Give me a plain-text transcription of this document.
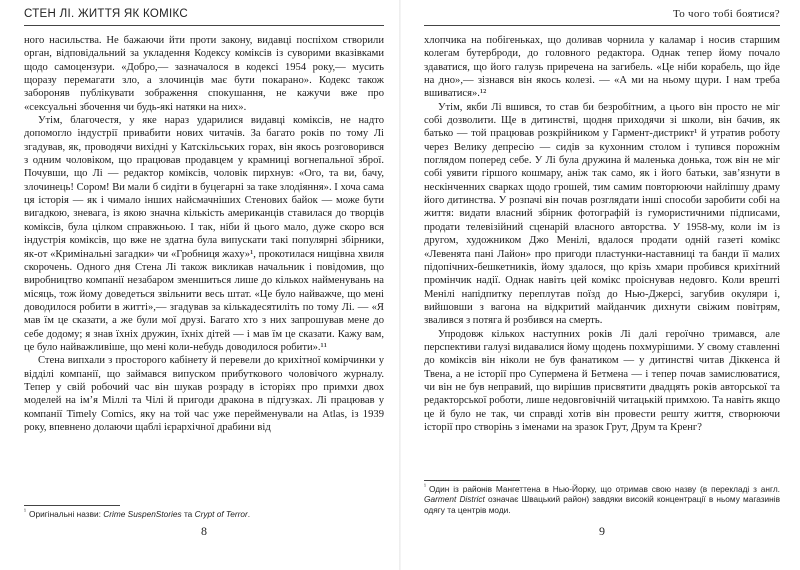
СТЕН ЛІ. ЖИТТЯ ЯК КОМІКС

ного насильства. Не бажаючи йти проти закону, видавці поспіхом створили орган, відповідальний за укладення Кодексу коміксів із суворими вказівками щодо самоцензури. «Добро,— зазначалося в кодексі 1954 року,— мусить щоразу перемагати зло, а злочинців має бути покарано». Кодекс також забороняв публікувати зображення спокушання, не кажучи вже про «сексуальні збочення чи будь-які натяки на них».

Утім, благочестя, у яке нараз ударилися видавці коміксів, не надто допомогло індустрії привабити нових читачів. За багато років по тому Лі згадував, як, проводячи вихідні у Катскільських горах, він якось розговорився з одним чоловіком, що працював продавцем у крамниці вогнепальної зброї. Почувши, що Лі — редактор коміксів, чоловік пирхнув: «Ого, та ви, бачу, злочинець! Сором! Ви мали б сидіти в буцегарні за таке злодіяння». І хоча сама ця історія — як і чимало інших найсмачніших Стенових байок — може бути вигадкою, зневага, із якою значна кількість американців ставилася до творців коміксів, була цілком справжньою. І так, ніби й цього мало, дуже скоро вся індустрія коміксів, що вже не здатна була випускати такі популярні збірники, як-от «Кримінальні загадки» чи «Гробниця жаху»¹, прокотилася нищівна хвиля скорочень. Одного дня Стена Лі також викликав начальник і повідомив, що виробництво компанії незабаром зменшиться лише до кількох найменувань на місяць, тож йому доведеться звільнити весь штат. «Це було найважче, що мені доводилося робити в житті»,— згадував за кількадесятиліть по тому Лі. — «Я мав їм це сказати, а же були мої друзі. Багато хто з них запрошував мене до себе додому; я знав їхніх дружин, їхніх дітей — і мав їм це сказати. Кажу вам, це було найважливіше, що мені коли-небудь доводилося робити».¹¹

Стена випхали з просторого кабінету й перевели до крихітної комірчинки у відділі компанії, що займався випуском прибуткового чоловічого журналу. Тепер у свій робочий час він шукав розраду в історіях про примхи двох моделей на ім’я Міллі та Чілі й пригоди дракона в підгузках. Лі працював у компанії Timely Comics, яку на той час уже перейменували на Atlas, із 1939 року, впевнено долаючи щаблі ієрархічної драбини від

$^{^1}$ Оригінальні назви: Crime SuspenStories та Crypt of Terror.
8
То чого тобі боятися?

хлопчика на побігеньках, що доливав чорнила у каламар і носив старшим колегам бутерброди, до головного редактора. Однак тепер йому почало здаватися, що його галузь приречена на загибель. «Це ніби корабель, що йде на дно»,— зізнався він якось колезі. — «А ми на ньому щури. І нам треба вшиватися».¹²

Утім, якби Лі вшився, то став би безробітним, а цього він просто не міг собі дозволити. Ще в дитинстві, щодня приходячи зі школи, він бачив, як батько — той працював розкрійником у Гармент-дистрикт¹ й утратив роботу через Велику депресію — сидів за кухонним столом і тупився порожнім поглядом поперед себе. У Лі була дружина й маленька донька, тож він не міг собі уявити гіршого кошмару, аніж так само, як і його батьки, зав’язнути в нескінченних сварках щодо грошей, тим самим повторюючи найліпшу драму його дитинства. У розпачі він почав розглядати інші способи заробити собі на життя: видати власний збірник фотографій із гумористичними підписами, продати телевізійний сценарій власного авторства. У 1958-му, коли ім із другом, художником Джо Менілі, вдалося продати одній газеті комікс «Левенята пані Лайон» про пригоди пластунки-наставниці та банди її малих підопічних-бешкетників, йому здалося, що крізь хмари пробився крихітний промінчик надії. Однак навіть цей комікс проіснував недовго. Коли врешті Менілі напідпитку переплутав поїзд до Нью-Джерсі, загубив окуляри і, вийшовши з вагона на відкритий майданчик дихнути свіжим повітрям, звалився з потяга й розбився на смерть.

Упродовж кількох наступних років Лі далі героїчно тримався, але перспективи галузі видавалися йому щодень похмурішими. У свому ставленні до коміксів він ніколи не був фанатиком — у дитинстві читав Діккенса й Твена, а не історії про Супермена й Бетмена — і тепер почав замислюватися, чи він не був неправий, що вирішив присвятити двадцять років авторської та редакторської роботи, лише недовговічній читацькій примхою. Та навіть якщо це й було не так, чи справді хотів він провести решту життя, створюючи історії про створінь з іменами на зразок Грут, Друм та Кренг?

$^{^1}$ Один із районів Мангеттена в Нью-Йорку, що отримав свою назву (в перекладі з англ. Garment District означає Швацький район) завдяки високій концентрації в ньому магазинів одягу та центрів моди.
9
